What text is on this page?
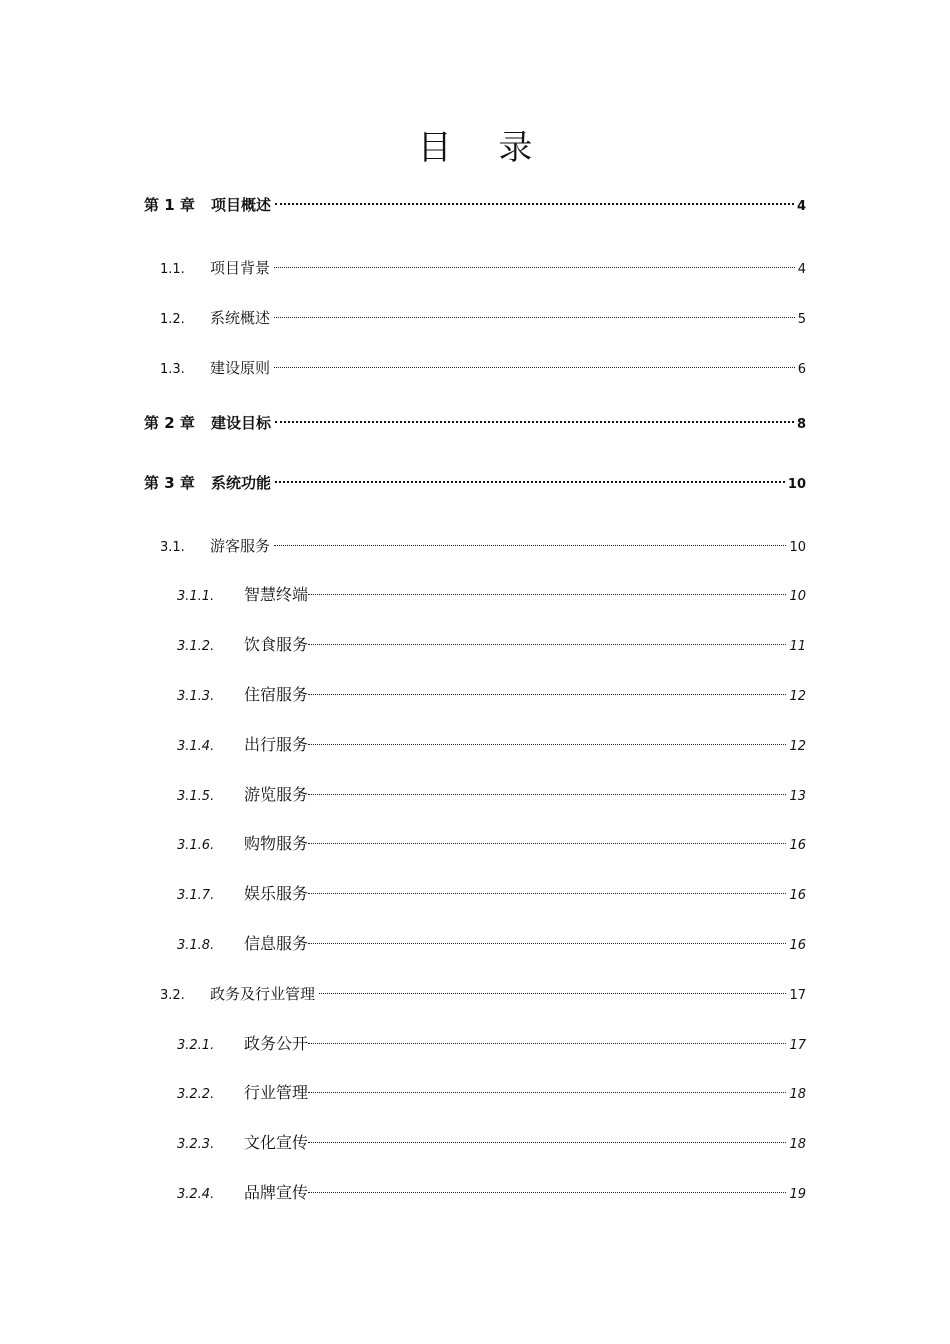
目 录
第 1 章	项目概述	4
1.1.	项目背景	4
1.2.	系统概述	5
1.3.	建设原则	6
第 2 章	建设目标	8
第 3 章	系统功能	10
3.1.	游客服务	10
3.1.1.	智慧终端	10
3.1.2.	饮食服务	11
3.1.3.	住宿服务	12
3.1.4.	出行服务	12
3.1.5.	游览服务	13
3.1.6.	购物服务	16
3.1.7.	娱乐服务	16
3.1.8.	信息服务	16
3.2.	政务及行业管理	17
3.2.1.	政务公开	17
3.2.2.	行业管理	18
3.2.3.	文化宣传	18
3.2.4.	品牌宣传	19
